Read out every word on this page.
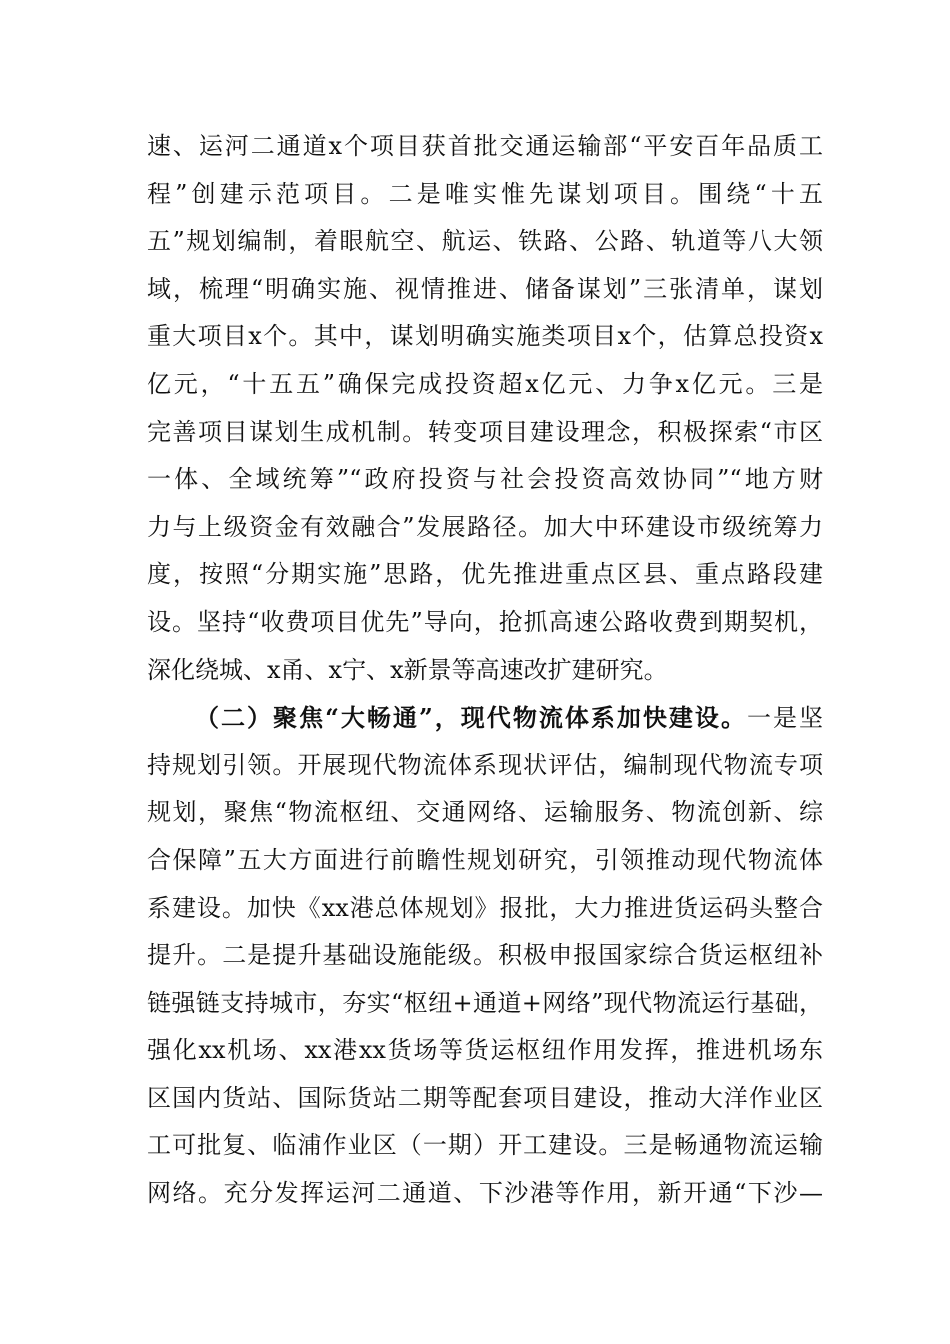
速、运河二通道x个项目获首批交通运输部“平安百年品质工
程”创建示范项目。二是唯实惟先谋划项目。围绕“十五
五”规划编制，着眼航空、航运、铁路、公路、轨道等八大领
域，梳理“明确实施、视情推进、储备谋划”三张清单，谋划
重大项目x个。其中，谋划明确实施类项目x个，估算总投资x
亿元，“十五五”确保完成投资超x亿元、力争x亿元。三是
完善项目谋划生成机制。转变项目建设理念，积极探索“市区
一体、全域统筹”“政府投资与社会投资高效协同”“地方财
力与上级资金有效融合”发展路径。加大中环建设市级统筹力
度，按照“分期实施”思路，优先推进重点区县、重点路段建
设。坚持“收费项目优先”导向，抢抓高速公路收费到期契机，
深化绕城、x甬、x宁、x新景等高速改扩建研究。
（二）聚焦“大畅通”，现代物流体系加快建设。一是坚
持规划引领。开展现代物流体系现状评估，编制现代物流专项
规划，聚焦“物流枢纽、交通网络、运输服务、物流创新、综
合保障”五大方面进行前瞻性规划研究，引领推动现代物流体
系建设。加快《xx港总体规划》报批，大力推进货运码头整合
提升。二是提升基础设施能级。积极申报国家综合货运枢纽补
链强链支持城市，夯实“枢纽+通道+网络”现代物流运行基础，
强化xx机场、xx港xx货场等货运枢纽作用发挥，推进机场东
区国内货站、国际货站二期等配套项目建设，推动大洋作业区
工可批复、临浦作业区（一期）开工建设。三是畅通物流运输
网络。充分发挥运河二通道、下沙港等作用，新开通“下沙—
